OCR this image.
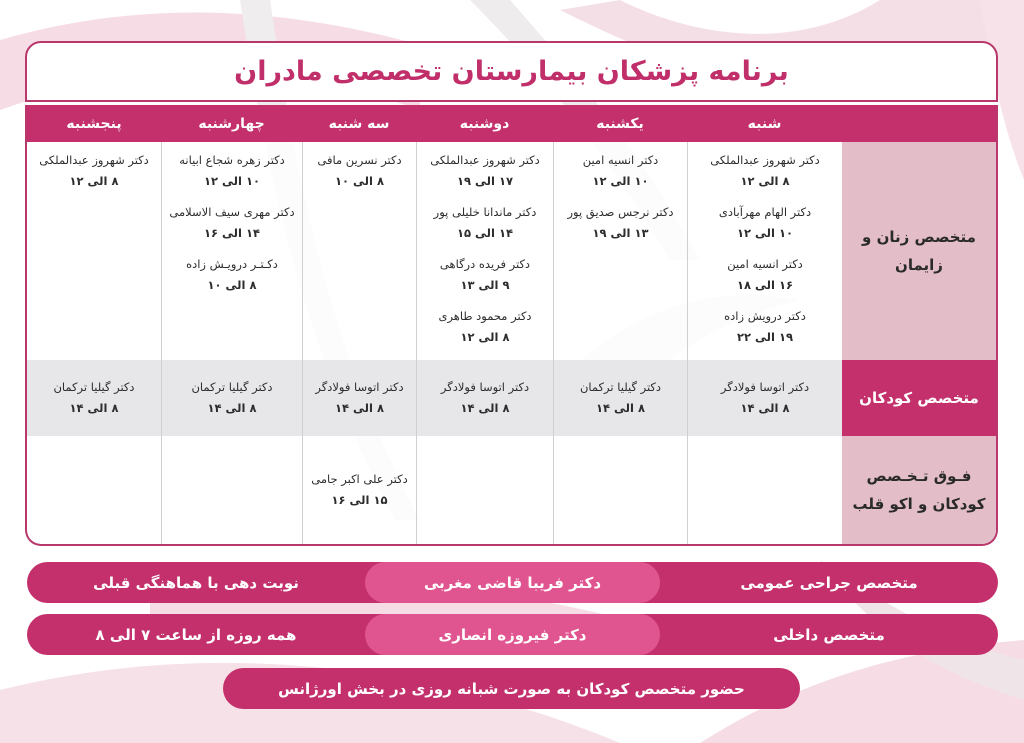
برنامه پزشکان بیمارستان تخصصی مادران
شنبه
یکشنبه
دوشنبه
سه شنبه
چهارشنبه
پنجشنبه
متخصص زنان و زایمان
دکتر شهروز عبدالملکی
۸ الی ۱۲
دکتر الهام مهرآبادی
۱۰ الی ۱۲
دکتر انسیه امین
۱۶ الی ۱۸
دکتر درویش زاده
۱۹ الی ۲۲
دکتر انسیه امین
۱۰ الی ۱۲
دکتر نرجس صدیق پور
۱۳ الی ۱۹
دکتر شهروز عبدالملکی
۱۷ الی ۱۹
دکتر ماندانا خلیلی پور
۱۴ الی ۱۵
دکتر فریده درگاهی
۹ الی ۱۳
دکتر محمود طاهری
۸ الی ۱۲
دکتر نسرین مافی
۸ الی ۱۰
دکتر زهره شجاع ابیانه
۱۰ الی ۱۲
دکتر مهری سیف الاسلامی
۱۴ الی ۱۶
دکـتـر درویـش زاده
۸ الی ۱۰
دکتر شهروز عبدالملکی
۸ الی ۱۲
متخصص کودکان
دکتر اتوسا فولادگر
۸ الی ۱۴
دکتر گیلیا ترکمان
۸ الی ۱۴
دکتر اتوسا فولادگر
۸ الی ۱۴
دکتر اتوسا فولادگر
۸ الی ۱۴
دکتر گیلیا ترکمان
۸ الی ۱۴
دکتر گیلیا ترکمان
۸ الی ۱۴
فـوق تـخـصص
کودکان و اکو قلب
دکتر علی اکبر جامی
۱۵ الی ۱۶
متخصص جراحی عمومی
دکتر فریبا قاضی مغربی
نوبت دهی با هماهنگی قبلی
متخصص داخلی
دکتر فیروزه انصاری
همه روزه از ساعت ۷ الی ۸
حضور متخصص کودکان به صورت شبانه روزی در بخش اورژانس
